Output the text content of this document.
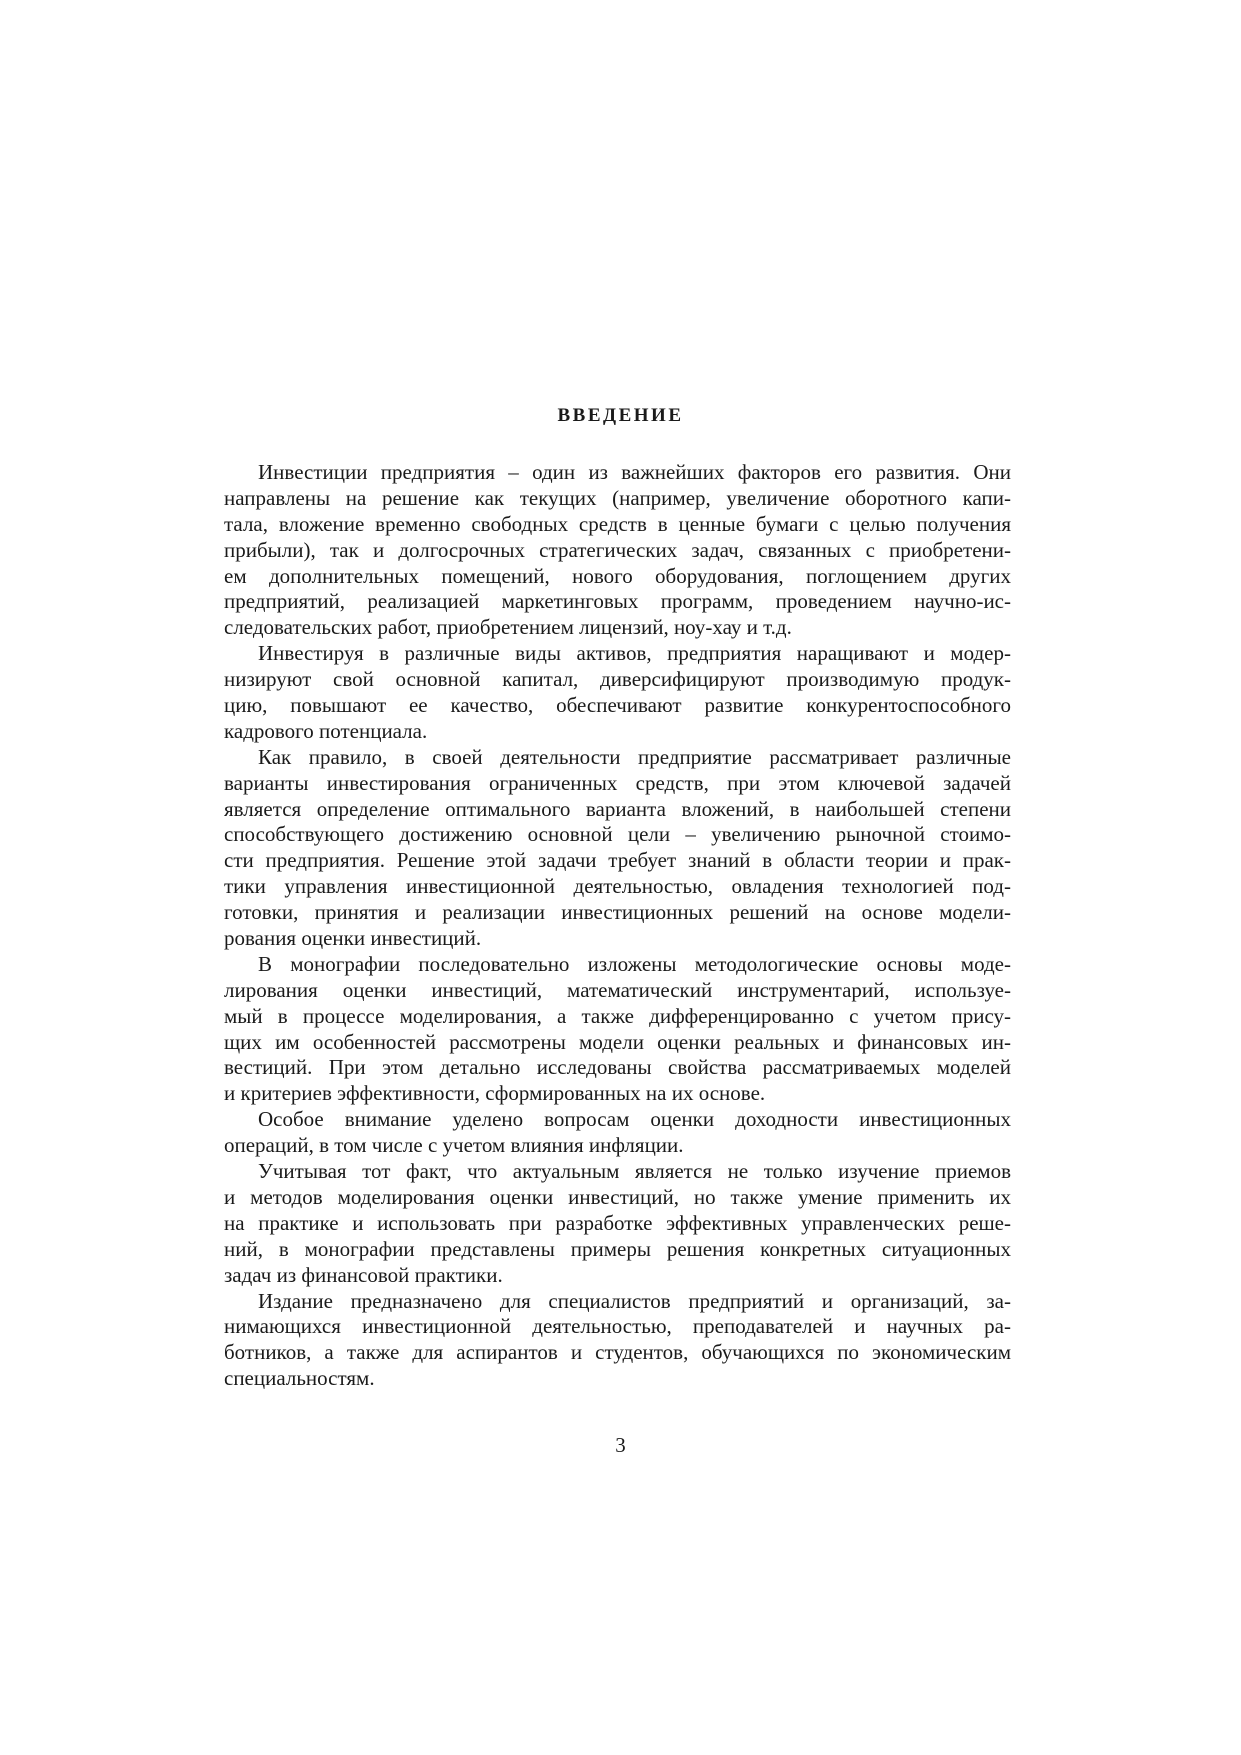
ВВЕДЕНИЕ
Инвестиции предприятия – один из важнейших факторов его развития. Они
направлены на решение как текущих (например, увеличение оборотного капи-
тала, вложение временно свободных средств в ценные бумаги с целью получения
прибыли), так и долгосрочных стратегических задач, связанных с приобретени-
ем дополнительных помещений, нового оборудования, поглощением других
предприятий, реализацией маркетинговых программ, проведением научно-ис-
следовательских работ, приобретением лицензий, ноу-хау и т.д.
Инвестируя в различные виды активов, предприятия наращивают и модер-
низируют свой основной капитал, диверсифицируют производимую продук-
цию, повышают ее качество, обеспечивают развитие конкурентоспособного
кадрового потенциала.
Как правило, в своей деятельности предприятие рассматривает различные
варианты инвестирования ограниченных средств, при этом ключевой задачей
является определение оптимального варианта вложений, в наибольшей степени
способствующего достижению основной цели – увеличению рыночной стоимо-
сти предприятия. Решение этой задачи требует знаний в области теории и прак-
тики управления инвестиционной деятельностью, овладения технологией под-
готовки, принятия и реализации инвестиционных решений на основе модели-
рования оценки инвестиций.
В монографии последовательно изложены методологические основы моде-
лирования оценки инвестиций, математический инструментарий, используе-
мый в процессе моделирования, а также дифференцированно с учетом прису-
щих им особенностей рассмотрены модели оценки реальных и финансовых ин-
вестиций. При этом детально исследованы свойства рассматриваемых моделей
и критериев эффективности, сформированных на их основе.
Особое внимание уделено вопросам оценки доходности инвестиционных
операций, в том числе с учетом влияния инфляции.
Учитывая тот факт, что актуальным является не только изучение приемов
и методов моделирования оценки инвестиций, но также умение применить их
на практике и использовать при разработке эффективных управленческих реше-
ний, в монографии представлены примеры решения конкретных ситуационных
задач из финансовой практики.
Издание предназначено для специалистов предприятий и организаций, за-
нимающихся инвестиционной деятельностью, преподавателей и научных ра-
ботников, а также для аспирантов и студентов, обучающихся по экономическим
специальностям.
3
